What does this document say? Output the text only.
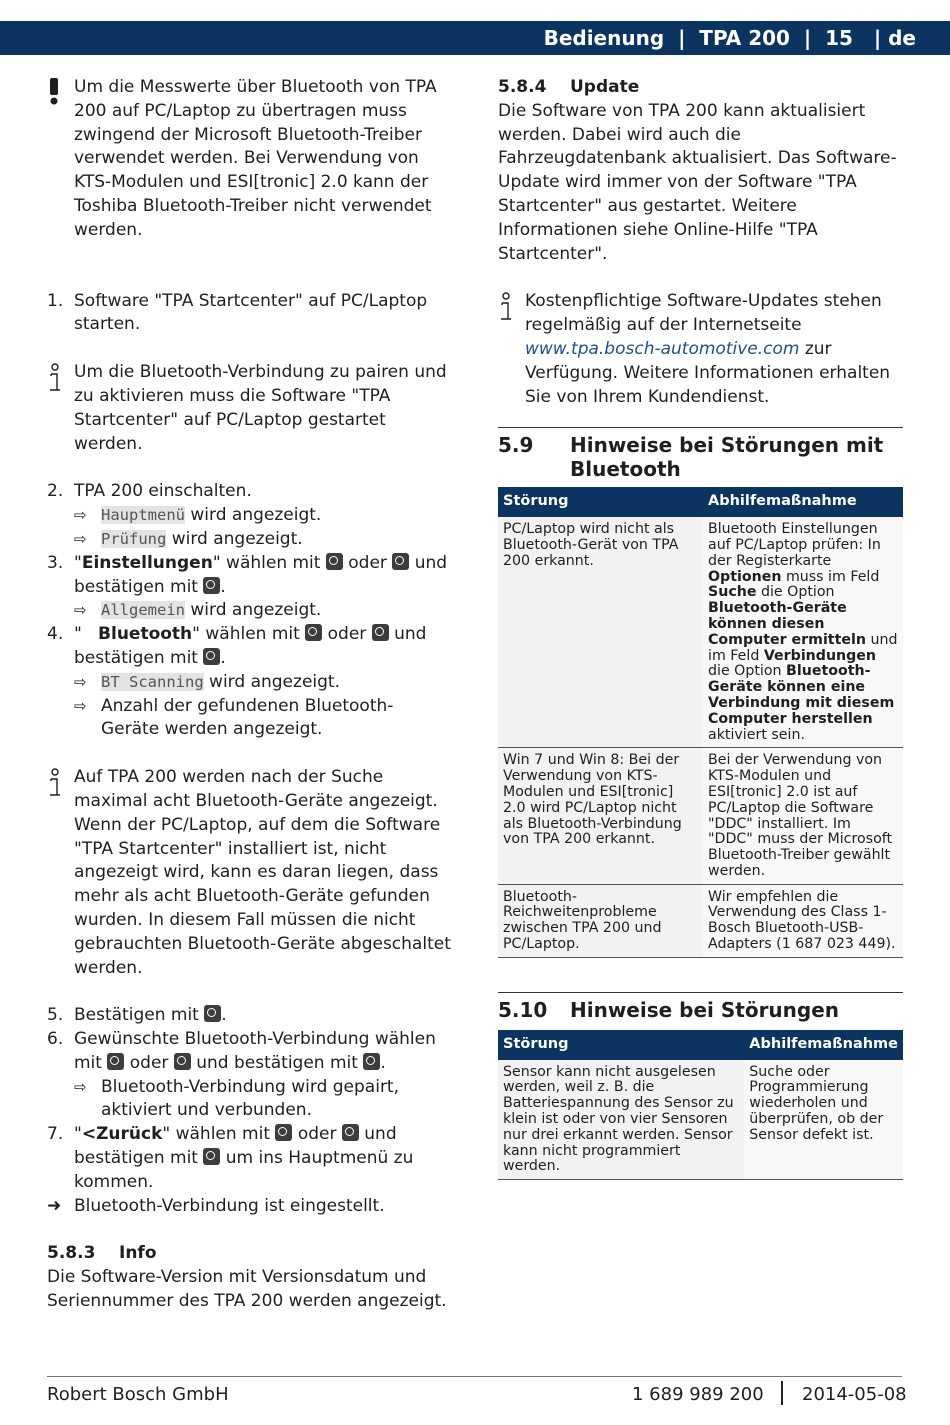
Bedienung  |  TPA 200  |  15   | de

Um die Messwerte über Bluetooth von TPA 200 auf PC/Laptop zu übertragen muss zwingend der Microsoft Bluetooth-Treiber verwendet werden. Bei Verwendung von KTS-Modulen und ESI[tronic] 2.0 kann der Toshiba Bluetooth-Treiber nicht verwendet werden.

1. Software "TPA Startcenter" auf PC/Laptop starten.

Um die Bluetooth-Verbindung zu pairen und zu aktivieren muss die Software "TPA Startcenter" auf PC/Laptop gestartet werden.

2. TPA 200 einschalten.

⇨ Hauptmenü wird angezeigt.
⇨ Prüfung wird angezeigt.
3. "Einstellungen" wählen mit  oder  und bestätigen mit .

⇨ Allgemein wird angezeigt.
4. "   Bluetooth" wählen mit  oder  und bestätigen mit .

⇨ BT Scanning wird angezeigt.
⇨ Anzahl der gefundenen Bluetooth-Geräte werden angezeigt.

Auf TPA 200 werden nach der Suche maximal acht Bluetooth-Geräte angezeigt. Wenn der PC/Laptop, auf dem die Software "TPA Startcenter" installiert ist, nicht angezeigt wird, kann es daran liegen, dass mehr als acht Bluetooth-Geräte gefunden wurden. In diesem Fall müssen die nicht gebrauchten Bluetooth-Geräte abgeschaltet werden.

5. Bestätigen mit .

6. Gewünschte Bluetooth-Verbindung wählen mit  oder  und bestätigen mit .

⇨ Bluetooth-Verbindung wird gepairt, aktiviert und verbunden.
7. "<Zurück" wählen mit  oder  und bestätigen mit  um ins Hauptmenü zu kommen.

➜ Bluetooth-Verbindung ist eingestellt.

5.8.3 Info

Die Software-Version mit Versionsdatum und Seriennummer des TPA 200 werden angezeigt.

5.8.4 Update

Die Software von TPA 200 kann aktualisiert werden. Dabei wird auch die Fahrzeugdatenbank aktualisiert. Das Software-Update wird immer von der Software "TPA Startcenter" aus gestartet. Weitere Informationen siehe Online-Hilfe "TPA Startcenter".

Kostenpflichtige Software-Updates stehen regelmäßig auf der Internetseite www.tpa.bosch-automotive.com zur Verfügung. Weitere Informationen erhalten Sie von Ihrem Kundendienst.

5.9 Hinweise bei Störungen mit Bluetooth
Störung	Abhilfemaßnahme
PC/Laptop wird nicht als Bluetooth-Gerät von TPA 200 erkannt.	Bluetooth Einstellungen auf PC/Laptop prüfen: In der Registerkarte Optionen muss im Feld Suche die Option Bluetooth-Geräte können diesen Computer ermitteln und im Feld Verbindungen die Option Bluetooth-Geräte können eine Verbindung mit diesem Computer herstellen aktiviert sein.
Win 7 und Win 8: Bei der Verwendung von KTS-Modulen und ESI[tronic] 2.0 wird PC/Laptop nicht als Bluetooth-Verbindung von TPA 200 erkannt.	Bei der Verwendung von KTS-Modulen und ESI[tronic] 2.0 ist auf PC/Laptop die Software "DDC" installiert. Im "DDC" muss der Microsoft Bluetooth-Treiber gewählt werden.
Bluetooth-Reichweitenprobleme zwischen TPA 200 und PC/Laptop.	Wir empfehlen die Verwendung des Class 1-Bosch Bluetooth-USB-Adapters (1 687 023 449).
5.10 Hinweise bei Störungen
Störung	Abhilfemaßnahme
Sensor kann nicht ausgelesen werden, weil z. B. die Batteriespannung des Sensor zu klein ist oder von vier Sensoren nur drei erkannt werden. Sensor kann nicht programmiert werden.	Suche oder Programmierung wiederholen und überprüfen, ob der Sensor defekt ist.
Robert Bosch GmbH	1 689 989 200 2014-05-08
